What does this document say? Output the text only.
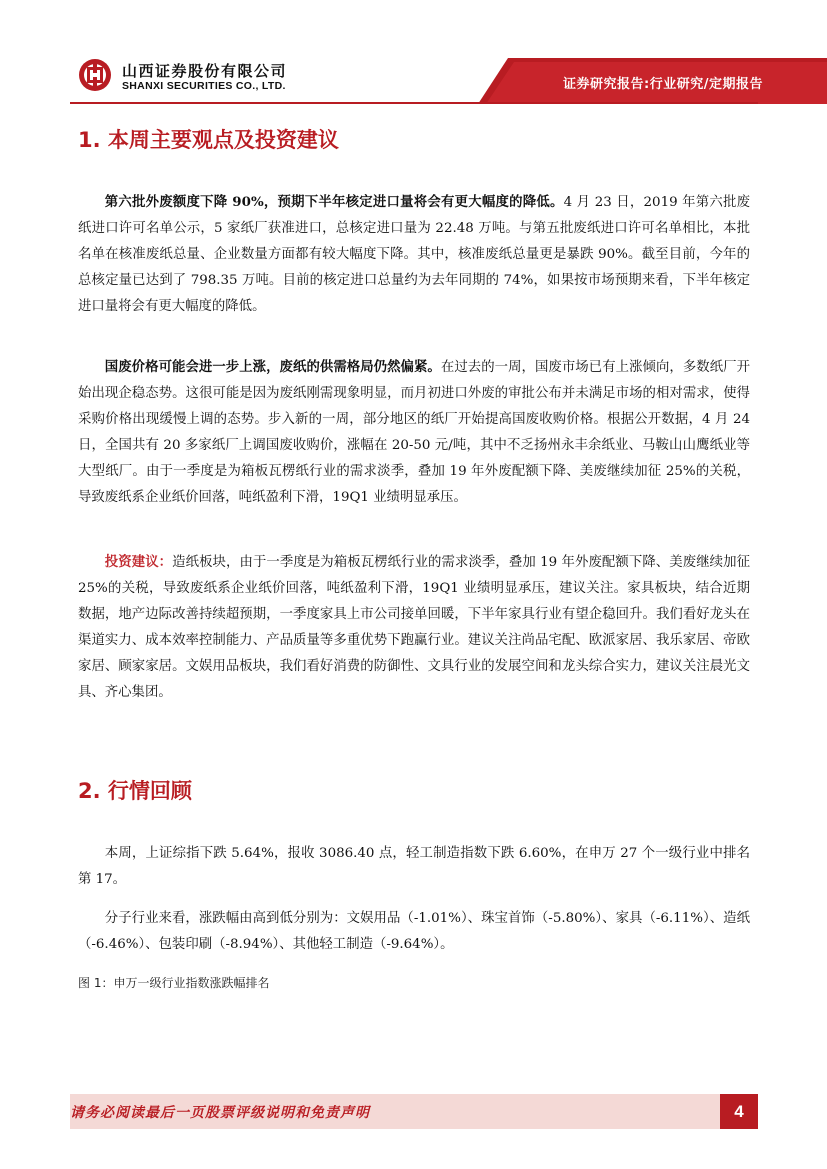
山西证券股份有限公司
SHANXI SECURITIES CO., LTD.	证券研究报告:行业研究/定期报告
1. 本周主要观点及投资建议

第六批外废额度下降 90%，预期下半年核定进口量将会有更大幅度的降低。4 月 23 日，2019 年第六批废纸进口许可名单公示，5 家纸厂获准进口，总核定进口量为 22.48 万吨。与第五批废纸进口许可名单相比，本批名单在核准废纸总量、企业数量方面都有较大幅度下降。其中，核准废纸总量更是暴跌 90%。截至目前，今年的总核定量已达到了 798.35 万吨。目前的核定进口总量约为去年同期的 74%，如果按市场预期来看，下半年核定进口量将会有更大幅度的降低。

国废价格可能会进一步上涨，废纸的供需格局仍然偏紧。在过去的一周，国废市场已有上涨倾向，多数纸厂开始出现企稳态势。这很可能是因为废纸刚需现象明显，而月初进口外废的审批公布并未满足市场的相对需求，使得采购价格出现缓慢上调的态势。步入新的一周，部分地区的纸厂开始提高国废收购价格。根据公开数据，4 月 24 日，全国共有 20 多家纸厂上调国废收购价，涨幅在 20-50 元/吨，其中不乏扬州永丰余纸业、马鞍山山鹰纸业等大型纸厂。由于一季度是为箱板瓦楞纸行业的需求淡季，叠加 19 年外废配额下降、美废继续加征 25%的关税，导致废纸系企业纸价回落，吨纸盈利下滑，19Q1 业绩明显承压。

投资建议：造纸板块，由于一季度是为箱板瓦楞纸行业的需求淡季，叠加 19 年外废配额下降、美废继续加征 25%的关税，导致废纸系企业纸价回落，吨纸盈利下滑，19Q1 业绩明显承压，建议关注。家具板块，结合近期数据，地产边际改善持续超预期，一季度家具上市公司接单回暖，下半年家具行业有望企稳回升。我们看好龙头在渠道实力、成本效率控制能力、产品质量等多重优势下跑赢行业。建议关注尚品宅配、欧派家居、我乐家居、帝欧家居、顾家家居。文娱用品板块，我们看好消费的防御性、文具行业的发展空间和龙头综合实力，建议关注晨光文具、齐心集团。

2. 行情回顾

本周，上证综指下跌 5.64%，报收 3086.40 点，轻工制造指数下跌 6.60%，在申万 27 个一级行业中排名第 17。

分子行业来看，涨跌幅由高到低分别为：文娱用品（-1.01%）、珠宝首饰（-5.80%）、家具（-6.11%）、造纸（-6.46%）、包装印刷（-8.94%）、其他轻工制造（-9.64%）。

图 1：申万一级行业指数涨跌幅排名
请务必阅读最后一页股票评级说明和免责声明	4
